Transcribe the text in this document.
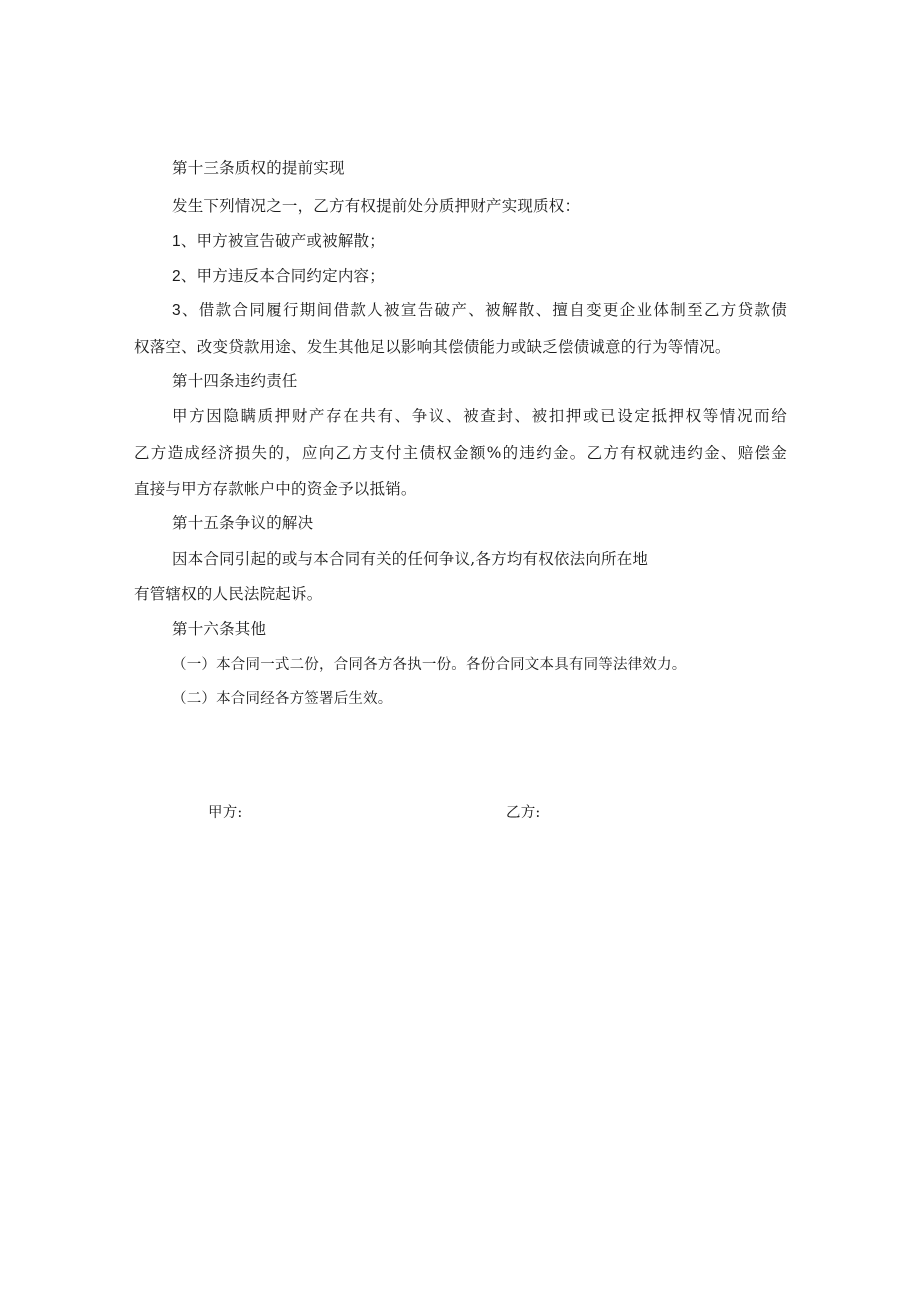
第十三条质权的提前实现
发生下列情况之一，乙方有权提前处分质押财产实现质权：
1、甲方被宣告破产或被解散；
2、甲方违反本合同约定内容；
3、借款合同履行期间借款人被宣告破产、被解散、擅自变更企业体制至乙方贷款债
权落空、改变贷款用途、发生其他足以影响其偿债能力或缺乏偿债诚意的行为等情况。
第十四条违约责任
甲方因隐瞒质押财产存在共有、争议、被查封、被扣押或已设定抵押权等情况而给
乙方造成经济损失的，应向乙方支付主债权金额%的违约金。乙方有权就违约金、赔偿金
直接与甲方存款帐户中的资金予以抵销。
第十五条争议的解决
因本合同引起的或与本合同有关的任何争议,各方均有权依法向所在地
有管辖权的人民法院起诉。
第十六条其他
（一）本合同一式二份，合同各方各执一份。各份合同文本具有同等法律效力。
（二）本合同经各方签署后生效。
甲方:	乙方:
